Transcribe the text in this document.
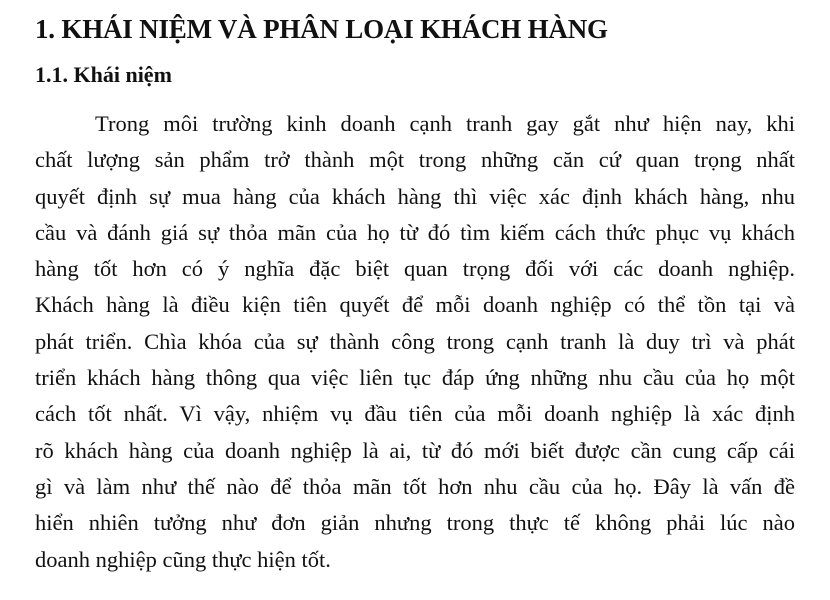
1. KHÁI NIỆM VÀ PHÂN LOẠI KHÁCH HÀNG
1.1. Khái niệm
Trong môi trường kinh doanh cạnh tranh gay gắt như hiện nay, khi
chất lượng sản phẩm trở thành một trong những căn cứ quan trọng nhất
quyết định sự mua hàng của khách hàng thì việc xác định khách hàng, nhu
cầu và đánh giá sự thỏa mãn của họ từ đó tìm kiếm cách thức phục vụ khách
hàng tốt hơn có ý nghĩa đặc biệt quan trọng đối với các doanh nghiệp.
Khách hàng là điều kiện tiên quyết để mỗi doanh nghiệp có thể tồn tại và
phát triển. Chìa khóa của sự thành công trong cạnh tranh là duy trì và phát
triển khách hàng thông qua việc liên tục đáp ứng những nhu cầu của họ một
cách tốt nhất. Vì vậy, nhiệm vụ đầu tiên của mỗi doanh nghiệp là xác định
rõ khách hàng của doanh nghiệp là ai, từ đó mới biết được cần cung cấp cái
gì và làm như thế nào để thỏa mãn tốt hơn nhu cầu của họ. Đây là vấn đề
hiển nhiên tưởng như đơn giản nhưng trong thực tế không phải lúc nào
doanh nghiệp cũng thực hiện tốt.
